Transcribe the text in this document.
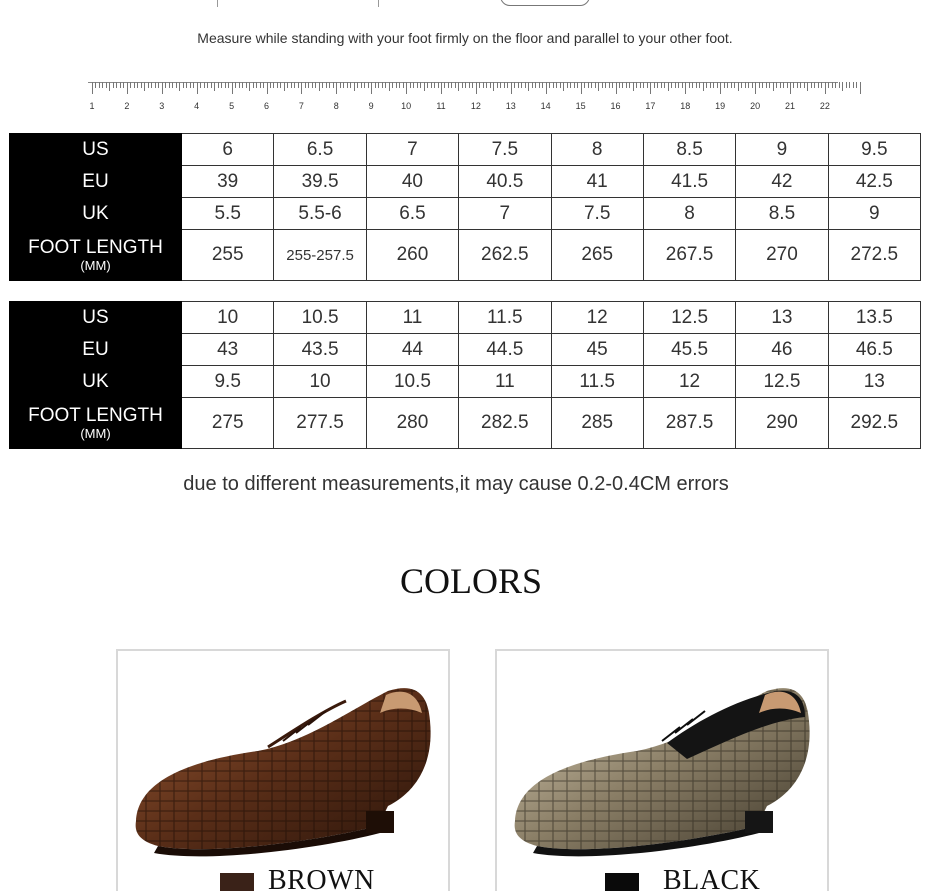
Measure while standing with your foot firmly on the floor and parallel to your other foot.
1	2	3	4	5	6	7	8	9	10	11	12	13	14	15	16	17	18	19	20	21	22
US	6	6.5	7	7.5	8	8.5	9	9.5
EU	39	39.5	40	40.5	41	41.5	42	42.5
UK	5.5	5.5-6	6.5	7	7.5	8	8.5	9
FOOT LENGTH
(MM)	255	255-257.5	260	262.5	265	267.5	270	272.5
US	10	10.5	11	11.5	12	12.5	13	13.5
EU	43	43.5	44	44.5	45	45.5	46	46.5
UK	9.5	10	10.5	11	11.5	12	12.5	13
FOOT LENGTH
(MM)	275	277.5	280	282.5	285	287.5	290	292.5
due to different measurements,it may cause 0.2-0.4CM errors
COLORS
BROWN	BLACK
